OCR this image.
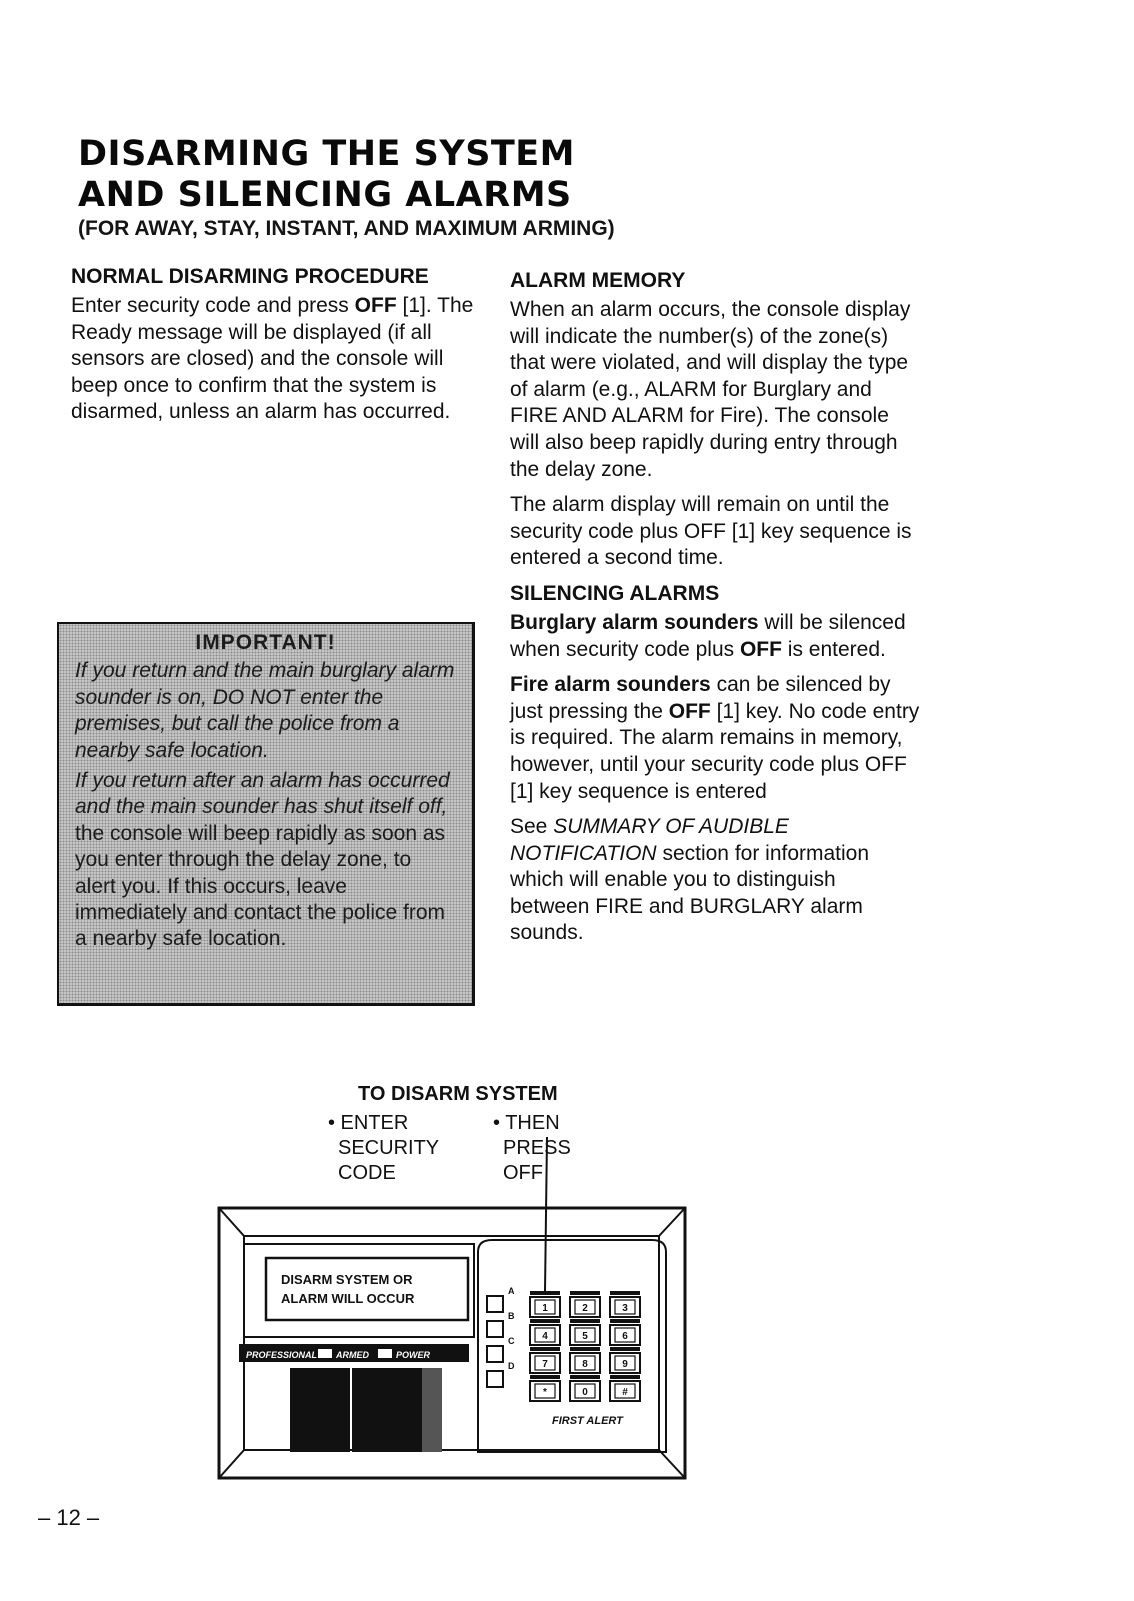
DISARMING THE SYSTEM
AND SILENCING ALARMS
(FOR AWAY, STAY, INSTANT, AND MAXIMUM ARMING)
NORMAL DISARMING PROCEDURE

Enter security code and press OFF [1]. The Ready message will be displayed (if all sensors are closed) and the console will beep once to confirm that the system is disarmed, unless an alarm has occurred.

IMPORTANT!

If you return and the main burglary alarm sounder is on, DO NOT enter the premises, but call the police from a nearby safe location.

If you return after an alarm has occurred and the main sounder has shut itself off, the console will beep rapidly as soon as you enter through the delay zone, to alert you. If this occurs, leave immediately and contact the police from a nearby safe location.

ALARM MEMORY

When an alarm occurs, the console display will indicate the number(s) of the zone(s) that were violated, and will display the type of alarm (e.g., ALARM for Burglary and FIRE AND ALARM for Fire). The console will also beep rapidly during entry through the delay zone.

The alarm display will remain on until the security code plus OFF [1] key sequence is entered a second time.

SILENCING ALARMS

Burglary alarm sounders will be silenced when security code plus OFF is entered.

Fire alarm sounders can be silenced by just pressing the OFF [1] key. No code entry is required. The alarm remains in memory, however, until your security code plus OFF [1] key sequence is entered

See SUMMARY OF AUDIBLE NOTIFICATION section for information which will enable you to distinguish between FIRE and BURGLARY alarm sounds.

TO DISARM SYSTEM
• ENTER
SECURITY
CODE
• THEN
PRESS
OFF
DISARM SYSTEM OR
ALARM WILL OCCUR
PROFESSIONAL ARMED	POWER
FIRST ALERT
A
B
C
D
1	2	3
4	5	6
7	8	9
*	0	#
– 12 –
